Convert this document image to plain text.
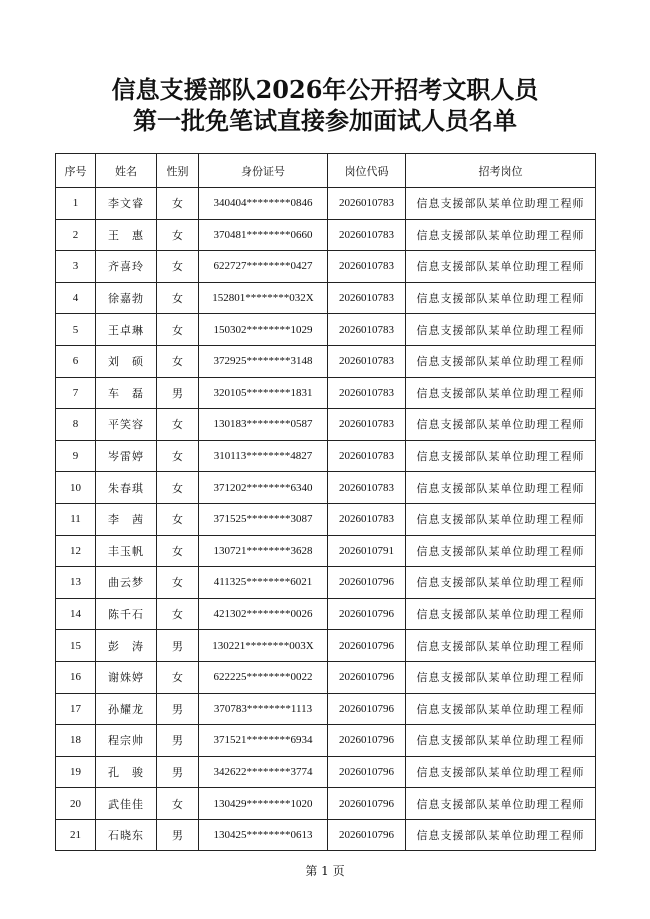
信息支援部队2026年公开招考文职人员
第一批免笔试直接参加面试人员名单
序号	姓名	性别	身份证号	岗位代码	招考岗位
1	李文睿	女	340404********0846	2026010783	信息支援部队某单位助理工程师
2	王　惠	女	370481********0660	2026010783	信息支援部队某单位助理工程师
3	齐喜玲	女	622727********0427	2026010783	信息支援部队某单位助理工程师
4	徐嘉勃	女	152801********032X	2026010783	信息支援部队某单位助理工程师
5	王卓琳	女	150302********1029	2026010783	信息支援部队某单位助理工程师
6	刘　硕	女	372925********3148	2026010783	信息支援部队某单位助理工程师
7	车　磊	男	320105********1831	2026010783	信息支援部队某单位助理工程师
8	平笑容	女	130183********0587	2026010783	信息支援部队某单位助理工程师
9	岑雷婷	女	310113********4827	2026010783	信息支援部队某单位助理工程师
10	朱春琪	女	371202********6340	2026010783	信息支援部队某单位助理工程师
11	李　茜	女	371525********3087	2026010783	信息支援部队某单位助理工程师
12	丰玉帆	女	130721********3628	2026010791	信息支援部队某单位助理工程师
13	曲云梦	女	411325********6021	2026010796	信息支援部队某单位助理工程师
14	陈千石	女	421302********0026	2026010796	信息支援部队某单位助理工程师
15	彭　涛	男	130221********003X	2026010796	信息支援部队某单位助理工程师
16	谢姝婷	女	622225********0022	2026010796	信息支援部队某单位助理工程师
17	孙耀龙	男	370783********1113	2026010796	信息支援部队某单位助理工程师
18	程宗帅	男	371521********6934	2026010796	信息支援部队某单位助理工程师
19	孔　骏	男	342622********3774	2026010796	信息支援部队某单位助理工程师
20	武佳佳	女	130429********1020	2026010796	信息支援部队某单位助理工程师
21	石晓东	男	130425********0613	2026010796	信息支援部队某单位助理工程师
第 1 页
